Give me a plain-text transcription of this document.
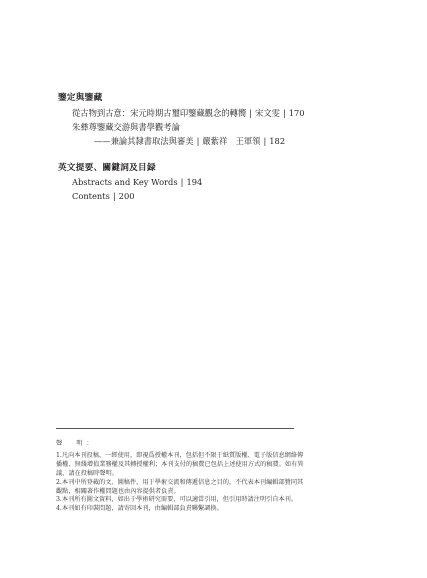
鑒定與鑒藏
從古物到古意：宋元時期古璽印鑒藏觀念的轉嚮 | 宋文雯 | 170
朱彝尊鑒藏交游與書學觀考論
——兼論其隸書取法與審美 | 嚴紫祥　王軍領 | 182
英文提要、關鍵詞及目録
Abstracts and Key Words | 194
Contents | 200
聲　明：

1.凡向本刊投稿，一經使用，即視爲授權本刊，包括但不限于紙質版權、電子版信息網絡傳播權、無綫增值業務權及其轉授權利；本刊支付的稿費已包括上述使用方式的稿費。如有異議，請在投稿時聲明。

2.本刊中所登載的文、圖稿件，用于學術交流和傳遞信息之目的，不代表本刊編輯部贊同其觀點，相關著作權問題也由內容提供者負責。

3.本刊所有圖文資料，如出于學術研究需要，可以適當引用，但引用時請注明引自本刊。

4.本刊如有印裝問題，請寄回本刊，由編輯部負責聯繫調换。
